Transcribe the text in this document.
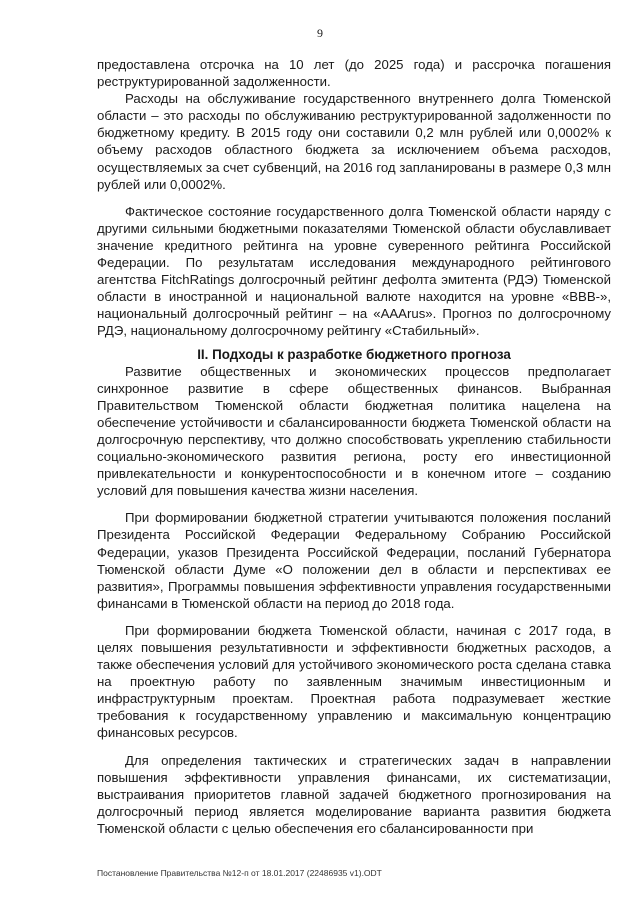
9

предоставлена отсрочка на 10 лет (до 2025 года) и рассрочка погашения реструктурированной задолженности.

Расходы на обслуживание государственного внутреннего долга Тюменской области – это расходы по обслуживанию реструктурированной задолженности по бюджетному кредиту. В 2015 году они составили 0,2 млн рублей или 0,0002% к объему расходов областного бюджета за исключением объема расходов, осуществляемых за счет субвенций, на 2016 год запланированы в размере 0,3 млн рублей или 0,0002%.

Фактическое состояние государственного долга Тюменской области наряду с другими сильными бюджетными показателями Тюменской области обуславливает значение кредитного рейтинга на уровне суверенного рейтинга Российской Федерации. По результатам исследования международного рейтингового агентства FitchRatings долгосрочный рейтинг дефолта эмитента (РДЭ) Тюменской области в иностранной и национальной валюте находится на уровне «ВВВ-», национальный долгосрочный рейтинг – на «AAArus». Прогноз по долгосрочному РДЭ, национальному долгосрочному рейтингу «Стабильный».

II. Подходы к разработке бюджетного прогноза

Развитие общественных и экономических процессов предполагает синхронное развитие в сфере общественных финансов. Выбранная Правительством Тюменской области бюджетная политика нацелена на обеспечение устойчивости и сбалансированности бюджета Тюменской области на долгосрочную перспективу, что должно способствовать укреплению стабильности социально-экономического развития региона, росту его инвестиционной привлекательности и конкурентоспособности и в конечном итоге – созданию условий для повышения качества жизни населения.

При формировании бюджетной стратегии учитываются положения посланий Президента Российской Федерации Федеральному Собранию Российской Федерации, указов Президента Российской Федерации, посланий Губернатора Тюменской области Думе «О положении дел в области и перспективах ее развития», Программы повышения эффективности управления государственными финансами в Тюменской области на период до 2018 года.

При формировании бюджета Тюменской области, начиная с 2017 года, в целях повышения результативности и эффективности бюджетных расходов, а также обеспечения условий для устойчивого экономического роста сделана ставка на проектную работу по заявленным значимым инвестиционным и инфраструктурным проектам. Проектная работа подразумевает жесткие требования к государственному управлению и максимальную концентрацию финансовых ресурсов.

Для определения тактических и стратегических задач в направлении повышения эффективности управления финансами, их систематизации, выстраивания приоритетов главной задачей бюджетного прогнозирования на долгосрочный период является моделирование варианта развития бюджета Тюменской области с целью обеспечения его сбалансированности при

Постановление Правительства №12-п от 18.01.2017 (22486935 v1).ODT
